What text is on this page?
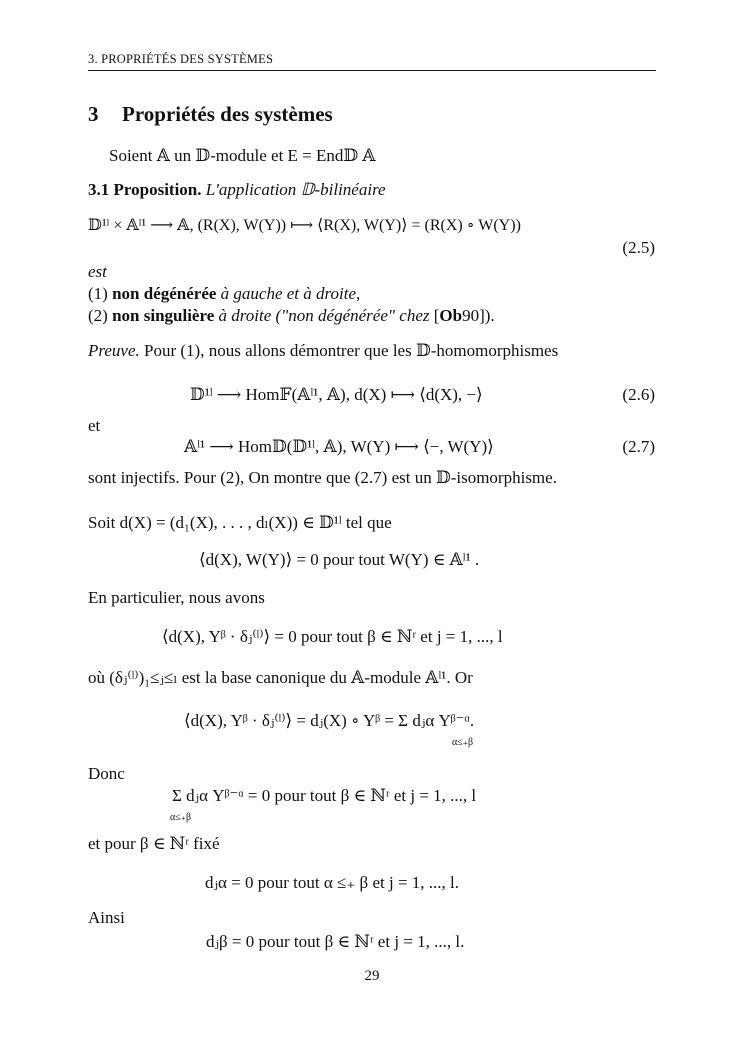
3. PROPRIÉTÉS DES SYSTÈMES
3 Propriétés des systèmes
Soient 𝔸 un 𝔻-module et E = End𝔻 𝔸
3.1 Proposition. L'application 𝔻-bilinéaire
𝔻¹ˡ × 𝔸ˡ¹ ⟶ 𝔸, (R(X), W(Y)) ⟼ ⟨R(X), W(Y)⟩ = (R(X) ∘ W(Y))
(2.5)
est
(1) non dégénérée à gauche et à droite,
(2) non singulière à droite ("non dégénérée" chez [Ob90]).
Preuve. Pour (1), nous allons démontrer que les 𝔻-homomorphismes
𝔻¹ˡ ⟶ Hom𝔽(𝔸ˡ¹, 𝔸), d(X) ⟼ ⟨d(X), −⟩	(2.6)
et
𝔸ˡ¹ ⟶ Hom𝔻(𝔻¹ˡ, 𝔸), W(Y) ⟼ ⟨−, W(Y)⟩	(2.7)
sont injectifs. Pour (2), On montre que (2.7) est un 𝔻-isomorphisme.
Soit d(X) = (d₁(X), . . . , dₗ(X)) ∈ 𝔻¹ˡ tel que
⟨d(X), W(Y)⟩ = 0 pour tout W(Y) ∈ 𝔸ˡ¹ .
En particulier, nous avons
⟨d(X), Yᵝ · δⱼ⁽ˡ⁾⟩ = 0 pour tout β ∈ ℕʳ et j = 1, ..., l
où (δⱼ⁽ˡ⁾)₁≤ⱼ≤ₗ est la base canonique du 𝔸-module 𝔸ˡ¹. Or
⟨d(X), Yᵝ · δⱼ⁽ˡ⁾⟩ = dⱼ(X) ∘ Yᵝ = Σ dⱼα Yᵝ⁻ᵅ.
α≤₊β
Donc
Σ dⱼα Yᵝ⁻ᵅ = 0 pour tout β ∈ ℕʳ et j = 1, ..., l
α≤₊β
et pour β ∈ ℕʳ fixé
dⱼα = 0 pour tout α ≤₊ β et j = 1, ..., l.
Ainsi
dⱼβ = 0 pour tout β ∈ ℕʳ et j = 1, ..., l.
29
